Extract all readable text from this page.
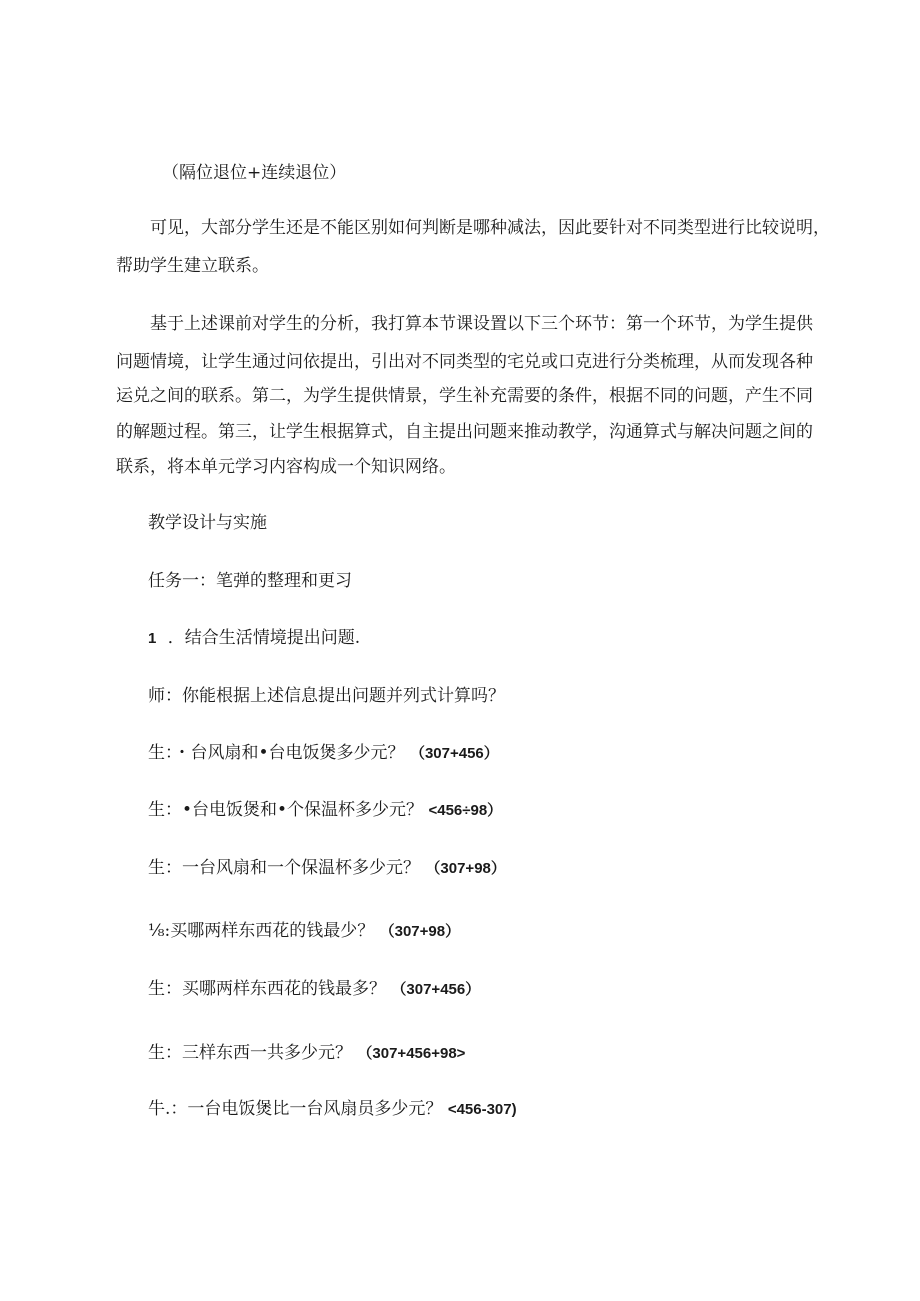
（隔位退位+连续退位）
可见，大部分学生还是不能区别如何判断是哪种减法，因此要针对不同类型进行比较说明，
帮助学生建立联系。
基于上述课前对学生的分析，我打算本节课设置以下三个环节：第一个环节，为学生提供
问题情境，让学生通过问依提出，引出对不同类型的宅兑或口克进行分类梳理，从而发现各种
运兑之间的联系。第二，为学生提供情景，学生补充需要的条件，根据不同的问题，产生不同
的解题过程。第三，让学生根据算式，自主提出问题来推动教学，沟通算式与解决问题之间的
联系，将本单元学习内容构成一个知识网络。
教学设计与实施
任务一：笔弹的整理和更习
1 ．结合生活情境提出问题.
师：你能根据上述信息提出问题并列式计算吗？
生：・台风扇和•台电饭煲多少元？ （307+456）
生：•台电饭煲和•个保温杯多少元？ <456÷98）
生：一台风扇和一个保温杯多少元？ （307+98）
⅛:买哪两样东西花的钱最少？ （307+98）
生：买哪两样东西花的钱最多？ （307+456）
生：三样东西一共多少元？ （307+456+98>
牛.：一台电饭煲比一台风扇员多少元？ <456-307)
